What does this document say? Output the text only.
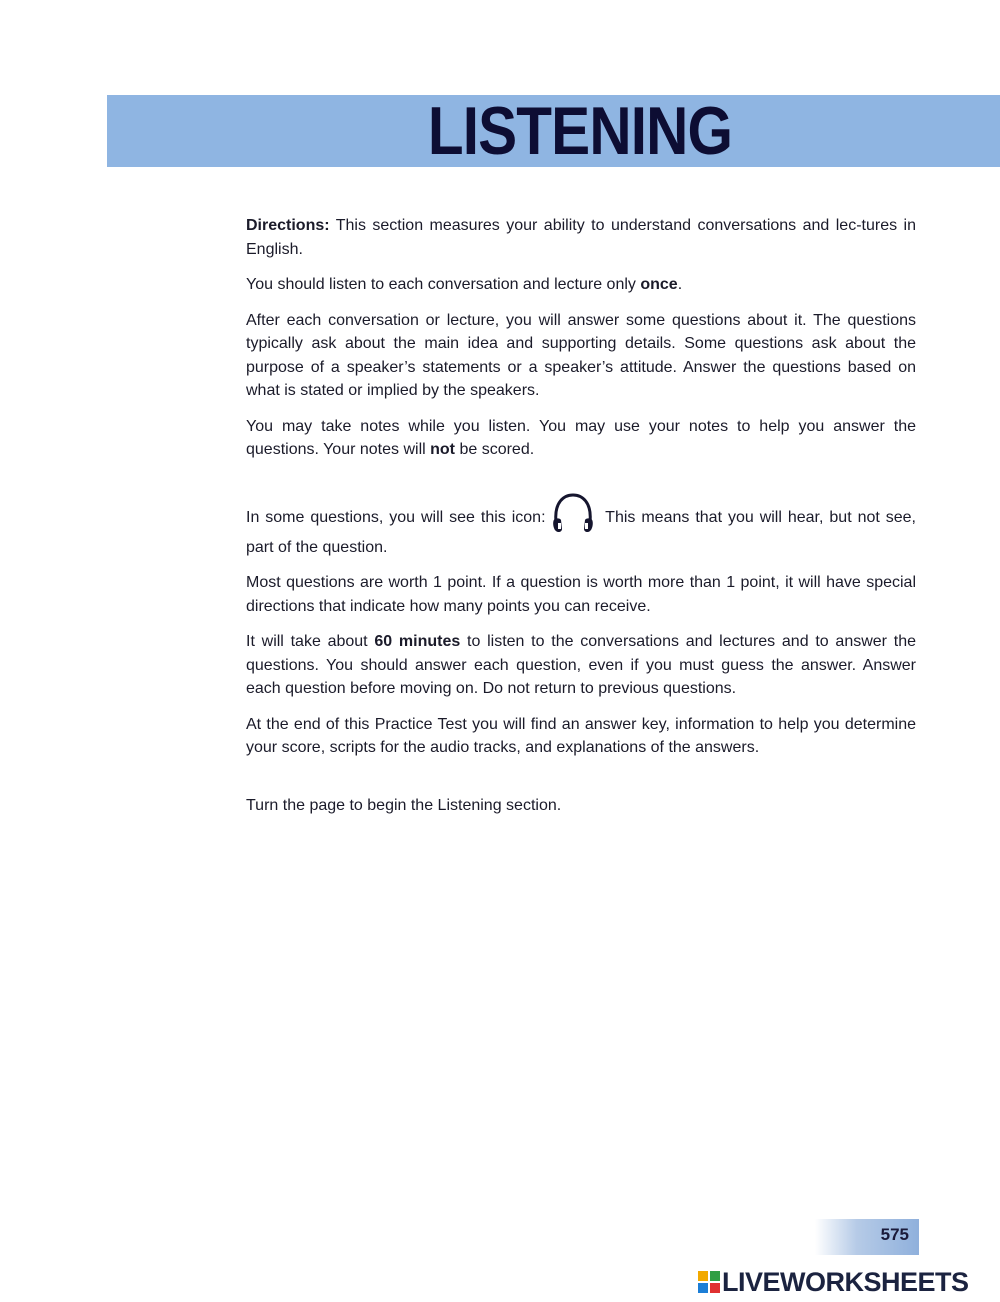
LISTENING

Directions: This section measures your ability to understand conversations and lec-tures in English.

You should listen to each conversation and lecture only once.

After each conversation or lecture, you will answer some questions about it. The questions typically ask about the main idea and supporting details. Some questions ask about the purpose of a speaker’s statements or a speaker’s attitude. Answer the questions based on what is stated or implied by the speakers.

You may take notes while you listen. You may use your notes to help you answer the questions. Your notes will not be scored.

In some questions, you will see this icon:	This means that you will hear, but not see, part of the question.

Most questions are worth 1 point. If a question is worth more than 1 point, it will have special directions that indicate how many points you can receive.

It will take about 60 minutes to listen to the conversations and lectures and to answer the questions. You should answer each question, even if you must guess the answer. Answer each question before moving on. Do not return to previous questions.

At the end of this Practice Test you will find an answer key, information to help you determine your score, scripts for the audio tracks, and explanations of the answers.

Turn the page to begin the Listening section.

575
LIVEWORKSHEETS
